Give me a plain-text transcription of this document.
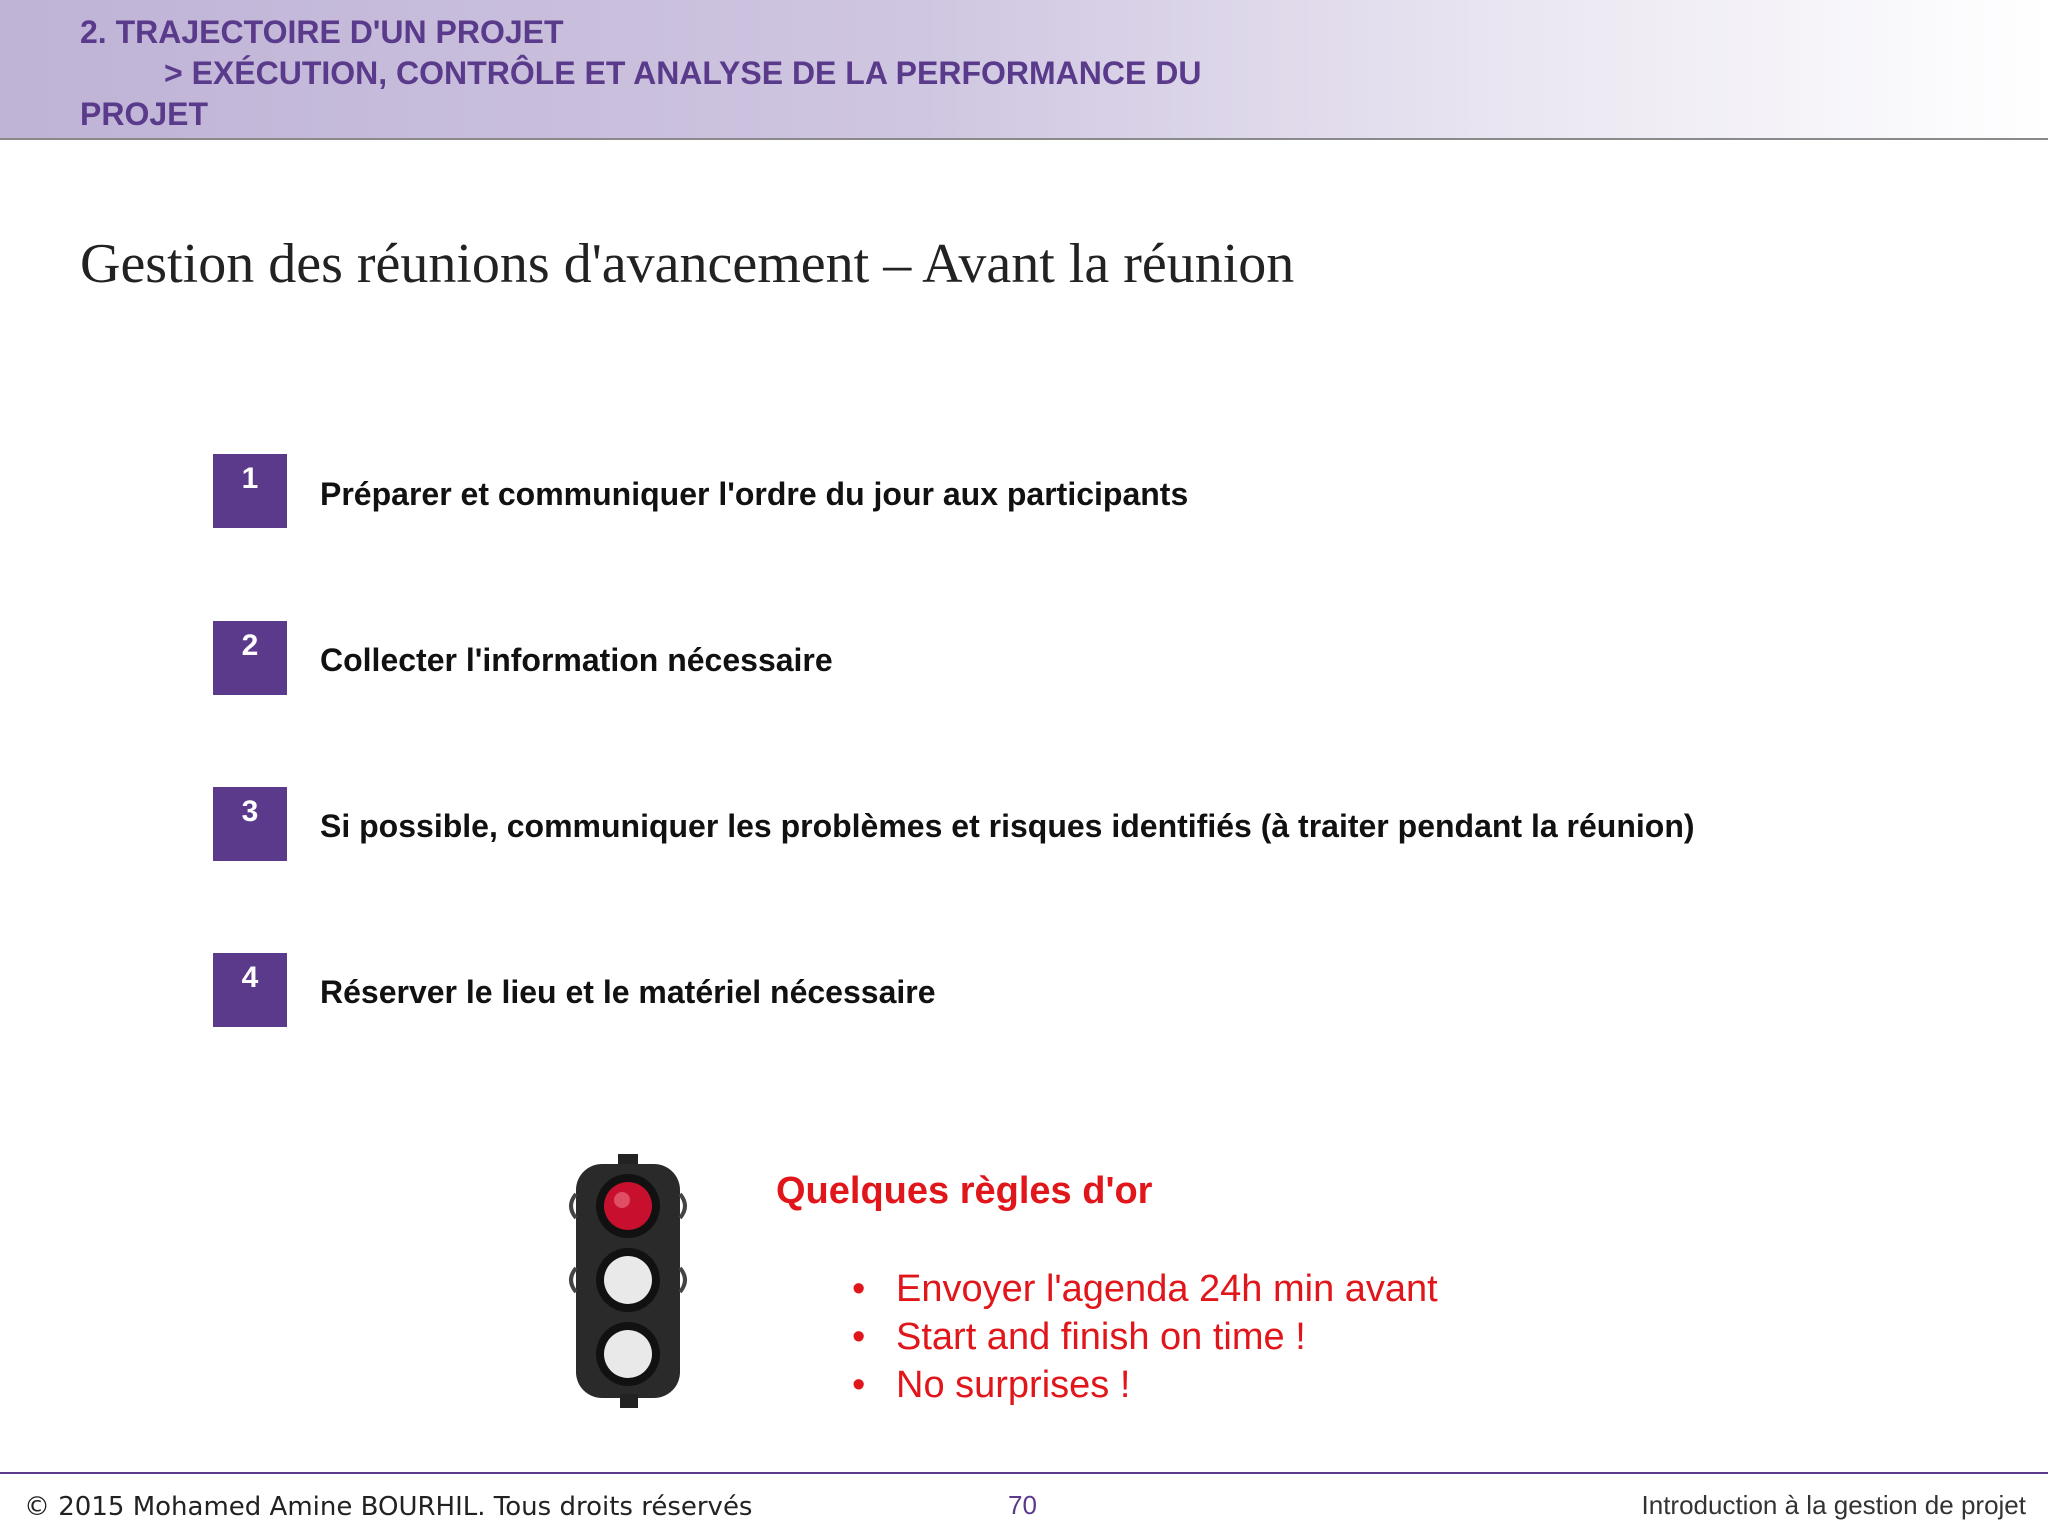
2. TRAJECTOIRE D'UN PROJET
> EXÉCUTION, CONTRÔLE ET ANALYSE DE LA PERFORMANCE DU
PROJET
Gestion des réunions d'avancement – Avant la réunion
1	Préparer et communiquer l'ordre du jour aux participants
2	Collecter l'information nécessaire
3	Si possible, communiquer les problèmes et risques identifiés (à traiter pendant la réunion)
4	Réserver le lieu et le matériel nécessaire
Quelques règles d'or
• Envoyer l'agenda 24h min avant
• Start and finish on time !
• No surprises !
© 2015 Mohamed Amine BOURHIL. Tous droits réservés	70	Introduction à la gestion de projet
